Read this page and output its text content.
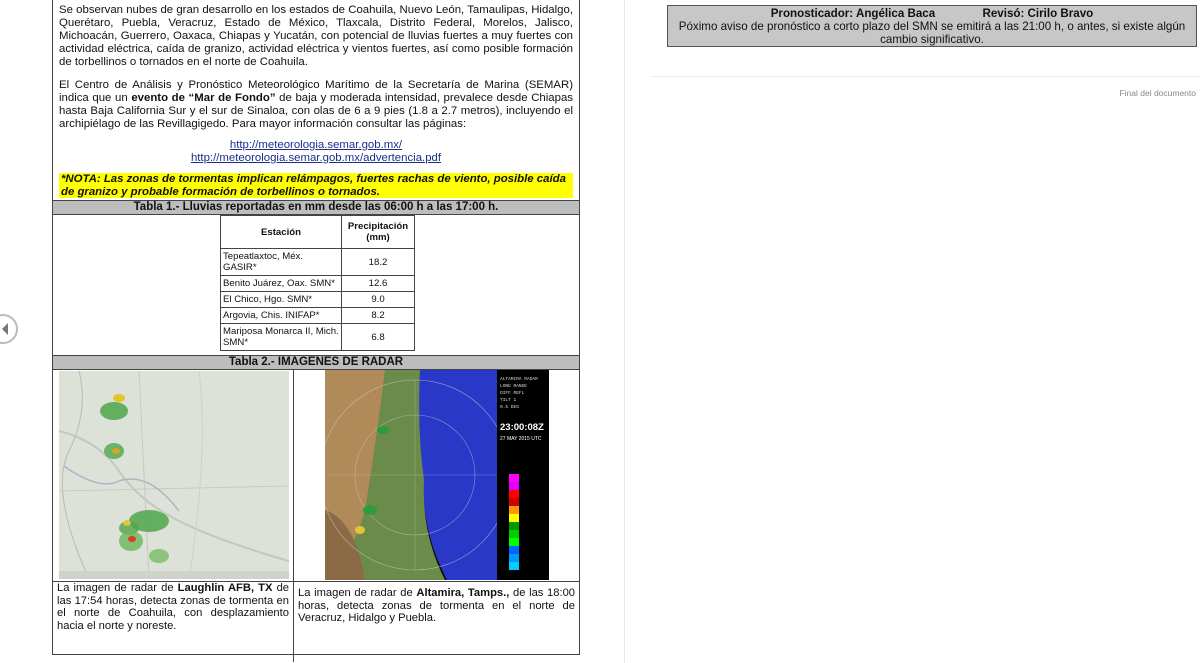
Se observan nubes de gran desarrollo en los estados de Coahuila, Nuevo León, Tamaulipas, Hidalgo, Querétaro, Puebla, Veracruz, Estado de México, Tlaxcala, Distrito Federal, Morelos, Jalisco, Michoacán, Guerrero, Oaxaca, Chiapas y Yucatán, con potencial de lluvias fuertes a muy fuertes con actividad eléctrica, caída de granizo, actividad eléctrica y vientos fuertes, así como posible formación de torbellinos o tornados en el norte de Coahuila.

El Centro de Análisis y Pronóstico Meteorológico Marítimo de la Secretaría de Marina (SEMAR) indica que un evento de “Mar de Fondo” de baja y moderada intensidad, prevalece desde Chiapas hasta Baja California Sur y el sur de Sinaloa, con olas de 6 a 9 pies (1.8 a 2.7 metros), incluyendo el archipiélago de las Revillagigedo. Para mayor información consultar las páginas:

http://meteorologia.semar.gob.mx/
http://meteorologia.semar.gob.mx/advertencia.pdf
*NOTA: Las zonas de tormentas implican relámpagos, fuertes rachas de viento, posible caída de granizo y probable formación de torbellinos o tornados.
Tabla 1.- Lluvias reportadas en mm desde las 06:00 h a las 17:00 h.
Estación	Precipitación (mm)
Tepeatlaxtoc, Méx. GASIR*	18.2
Benito Juárez, Oax. SMN*	12.6
El Chico, Hgo. SMN*	9.0
Argovia, Chis. INIFAP*	8.2
Mariposa Monarca II, Mich. SMN*	6.8
Tabla 2.- IMAGENES DE RADAR
La imagen de radar de Laughlin AFB, TX de las 17:54 horas, detecta zonas de tormenta en el norte de Coahuila, con desplazamiento hacia el norte y noreste.
ALTAMIRA RADAR
LONG RANGE
DIFF REFL
TILT 1
0.5 DEG
23:00:08Z
27 MAY 2015 UTC
La imagen de radar de Altamira, Tamps., de las 18:00 horas, detecta zonas de tormenta en el norte de Veracruz, Hidalgo y Puebla.
Pronosticador: Angélica Baca	Revisó: Cirilo Bravo
Póximo aviso de pronóstico a corto plazo del SMN se emitirá a las 21:00 h, o antes, si existe algún cambio significativo.
Final del documento
